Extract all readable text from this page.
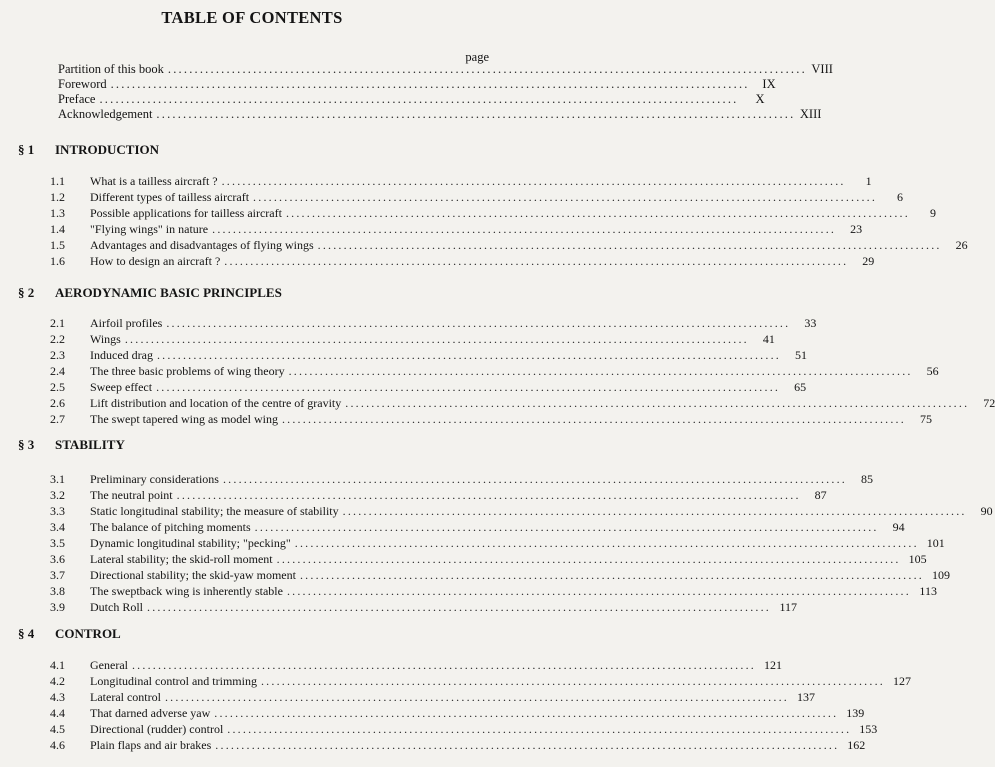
TABLE OF CONTENTS
page
Partition of this book ........................................................................................................................ VIII
Foreword ........................................................................................................................	IX
Preface ........................................................................................................................	X
Acknowledgement ........................................................................................................................ XIII
§ 1	INTRODUCTION
1.1	What is a tailless aircraft ? ........................................................................................................................	1
1.2	Different types of tailless aircraft ........................................................................................................................	6
1.3	Possible applications for tailless aircraft ........................................................................................................................	9
1.4	"Flying wings" in nature ........................................................................................................................	23
1.5	Advantages and disadvantages of flying wings ........................................................................................................................	26
1.6	How to design an aircraft ? ........................................................................................................................	29
§ 2	AERODYNAMIC BASIC PRINCIPLES
2.1	Airfoil profiles ........................................................................................................................	33
2.2	Wings ........................................................................................................................	41
2.3	Induced drag ........................................................................................................................	51
2.4	The three basic problems of wing theory ........................................................................................................................	56
2.5	Sweep effect ........................................................................................................................	65
2.6	Lift distribution and location of the centre of gravity ........................................................................................................................	72
2.7	The swept tapered wing as model wing ........................................................................................................................	75
§ 3	STABILITY
3.1	Preliminary considerations ........................................................................................................................	85
3.2	The neutral point ........................................................................................................................	87
3.3	Static longitudinal stability; the measure of stability ........................................................................................................................	90
3.4	The balance of pitching moments ........................................................................................................................	94
3.5	Dynamic longitudinal stability; "pecking" ........................................................................................................................ 101
3.6	Lateral stability; the skid-roll moment ........................................................................................................................ 105
3.7	Directional stability; the skid-yaw moment ........................................................................................................................ 109
3.8	The sweptback wing is inherently stable ........................................................................................................................ 113
3.9	Dutch Roll ........................................................................................................................ 117
§ 4	CONTROL
4.1	General ........................................................................................................................ 121
4.2	Longitudinal control and trimming ........................................................................................................................ 127
4.3	Lateral control ........................................................................................................................ 137
4.4	That darned adverse yaw ........................................................................................................................ 139
4.5	Directional (rudder) control ........................................................................................................................ 153
4.6	Plain flaps and air brakes ........................................................................................................................ 162
